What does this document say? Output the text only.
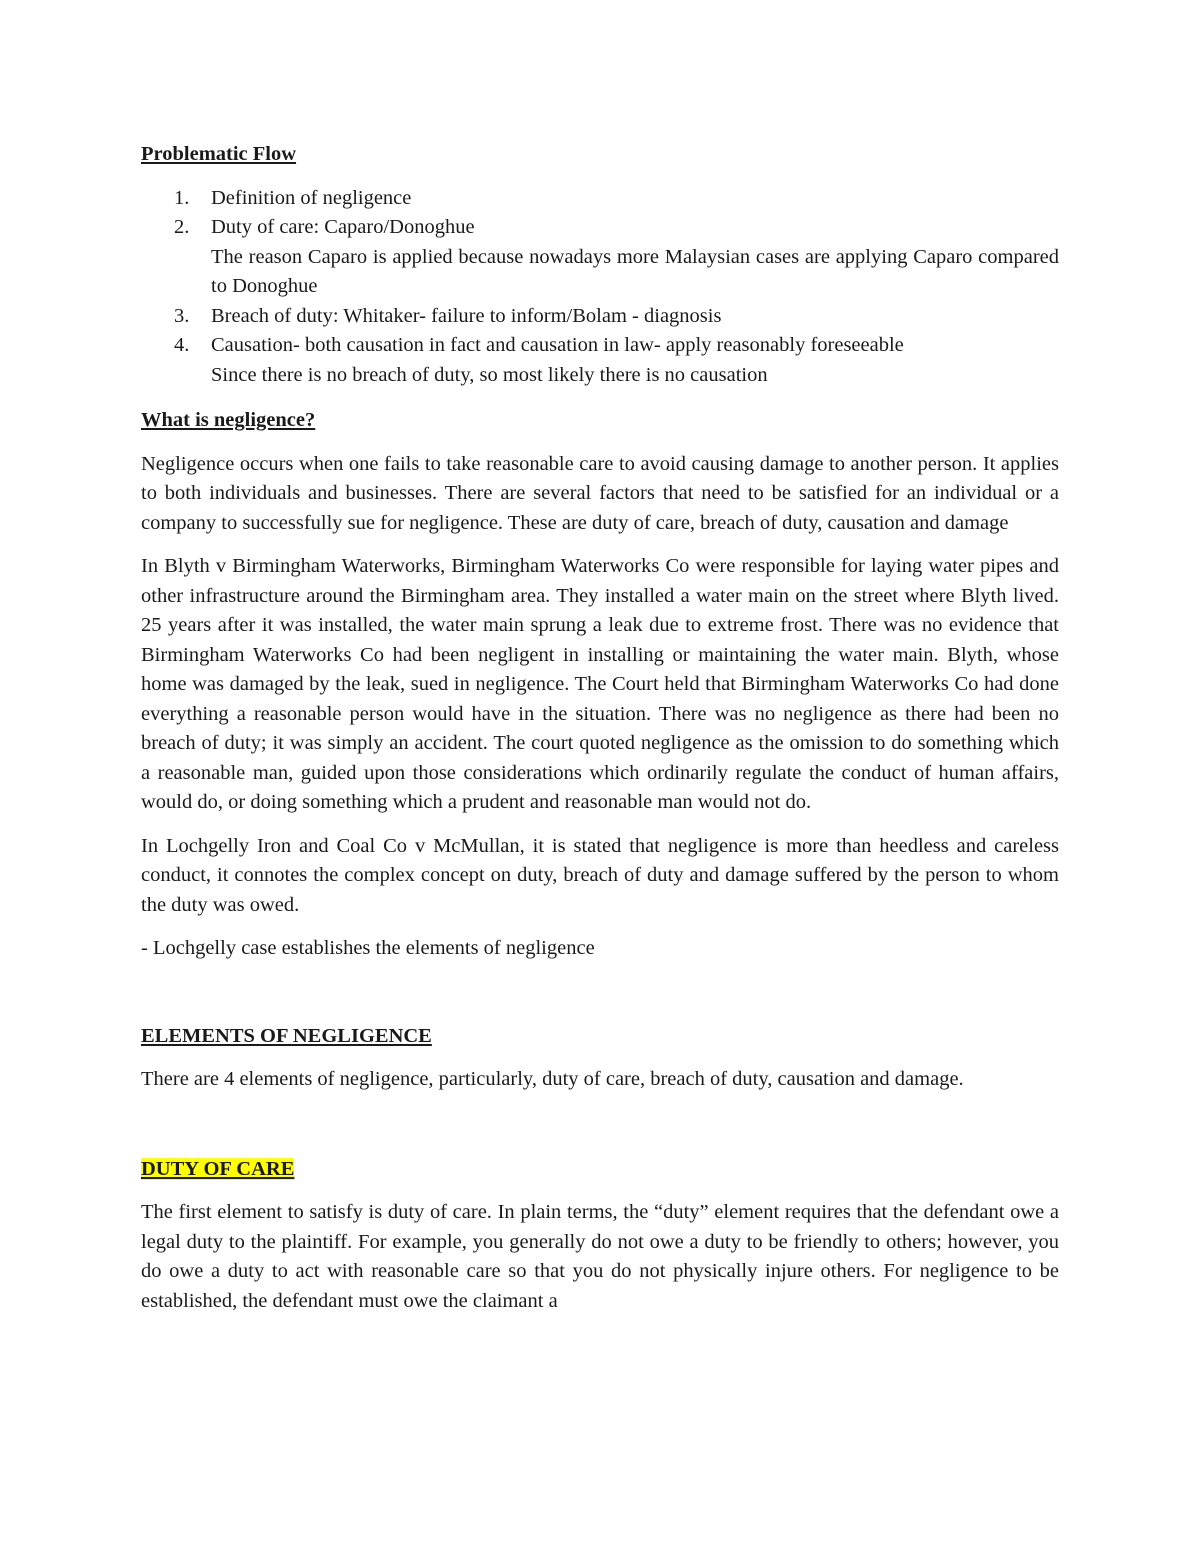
Problematic Flow
1. Definition of negligence
2. Duty of care: Caparo/Donoghue
The reason Caparo is applied because nowadays more Malaysian cases are applying Caparo compared to Donoghue
3. Breach of duty: Whitaker- failure to inform/Bolam - diagnosis
4. Causation- both causation in fact and causation in law- apply reasonably foreseeable
Since there is no breach of duty, so most likely there is no causation
What is negligence?

Negligence occurs when one fails to take reasonable care to avoid causing damage to another person. It applies to both individuals and businesses. There are several factors that need to be satisfied for an individual or a company to successfully sue for negligence. These are duty of care, breach of duty, causation and damage

In Blyth v Birmingham Waterworks, Birmingham Waterworks Co were responsible for laying water pipes and other infrastructure around the Birmingham area. They installed a water main on the street where Blyth lived. 25 years after it was installed, the water main sprung a leak due to extreme frost. There was no evidence that Birmingham Waterworks Co had been negligent in installing or maintaining the water main. Blyth, whose home was damaged by the leak, sued in negligence. The Court held that Birmingham Waterworks Co had done everything a reasonable person would have in the situation. There was no negligence as there had been no breach of duty; it was simply an accident. The court quoted negligence as the omission to do something which a reasonable man, guided upon those considerations which ordinarily regulate the conduct of human affairs, would do, or doing something which a prudent and reasonable man would not do.

In Lochgelly Iron and Coal Co v McMullan, it is stated that negligence is more than heedless and careless conduct, it connotes the complex concept on duty, breach of duty and damage suffered by the person to whom the duty was owed.

- Lochgelly case establishes the elements of negligence

ELEMENTS OF NEGLIGENCE

There are 4 elements of negligence, particularly, duty of care, breach of duty, causation and damage.

DUTY OF CARE

The first element to satisfy is duty of care. In plain terms, the “duty” element requires that the defendant owe a legal duty to the plaintiff. For example, you generally do not owe a duty to be friendly to others; however, you do owe a duty to act with reasonable care so that you do not physically injure others. For negligence to be established, the defendant must owe the claimant a
